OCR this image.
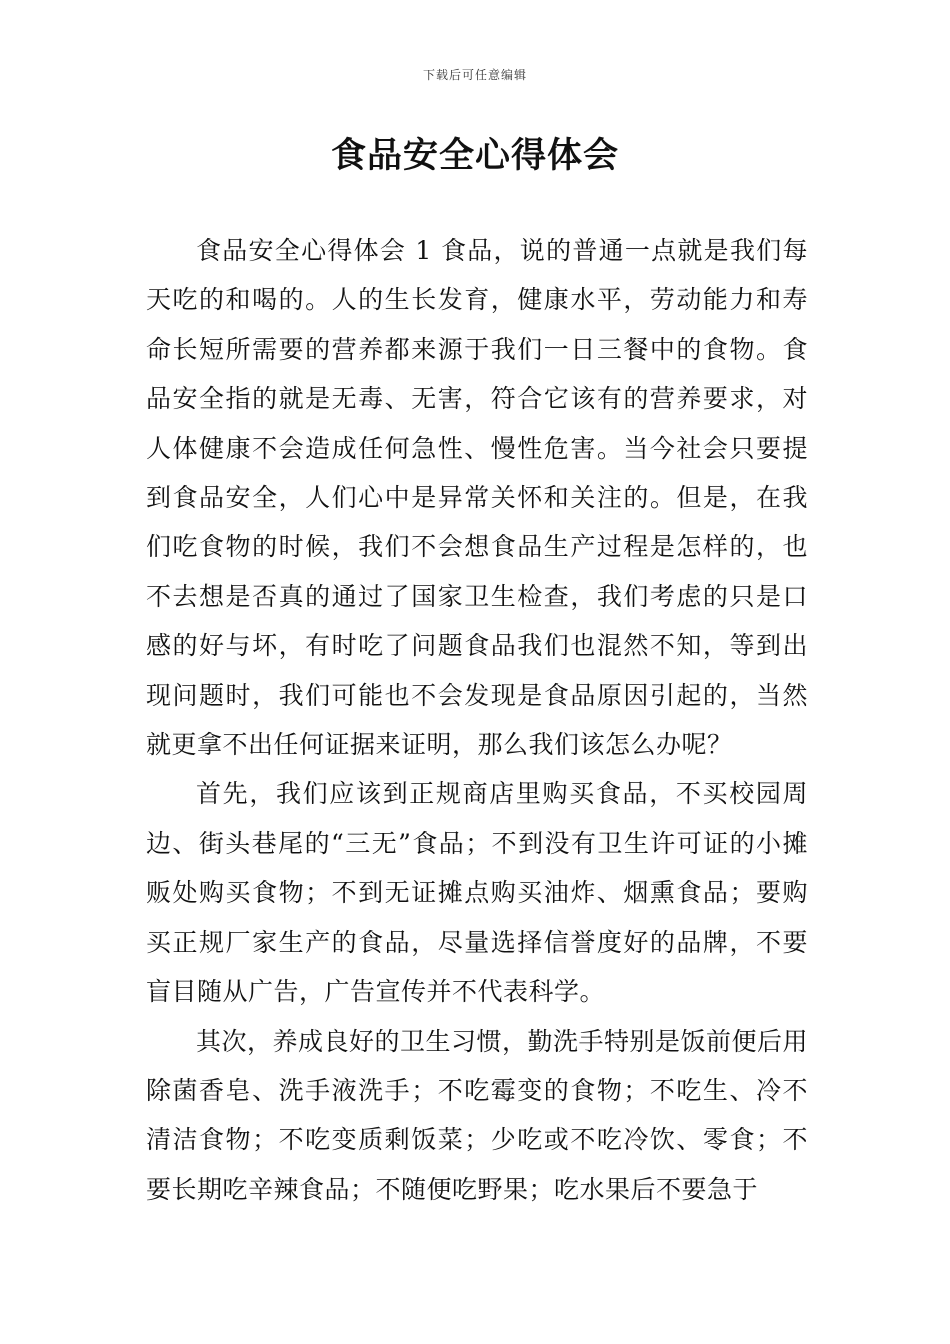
下载后可任意编辑
食品安全心得体会

食品安全心得体会 1 食品，说的普通一点就是我们每天吃的和喝的。人的生长发育，健康水平，劳动能力和寿命长短所需要的营养都来源于我们一日三餐中的食物。食品安全指的就是无毒、无害，符合它该有的营养要求，对人体健康不会造成任何急性、慢性危害。当今社会只要提到食品安全，人们心中是异常关怀和关注的。但是，在我们吃食物的时候，我们不会想食品生产过程是怎样的，也不去想是否真的通过了国家卫生检查，我们考虑的只是口感的好与坏，有时吃了问题食品我们也混然不知，等到出现问题时，我们可能也不会发现是食品原因引起的，当然就更拿不出任何证据来证明，那么我们该怎么办呢？

首先，我们应该到正规商店里购买食品，不买校园周边、街头巷尾的“三无”食品；不到没有卫生许可证的小摊贩处购买食物；不到无证摊点购买油炸、烟熏食品；要购买正规厂家生产的食品，尽量选择信誉度好的品牌，不要盲目随从广告，广告宣传并不代表科学。

其次，养成良好的卫生习惯，勤洗手特别是饭前便后用除菌香皂、洗手液洗手；不吃霉变的食物；不吃生、冷不清洁食物；不吃变质剩饭菜；少吃或不吃冷饮、零食；不要长期吃辛辣食品；不随便吃野果；吃水果后不要急于
